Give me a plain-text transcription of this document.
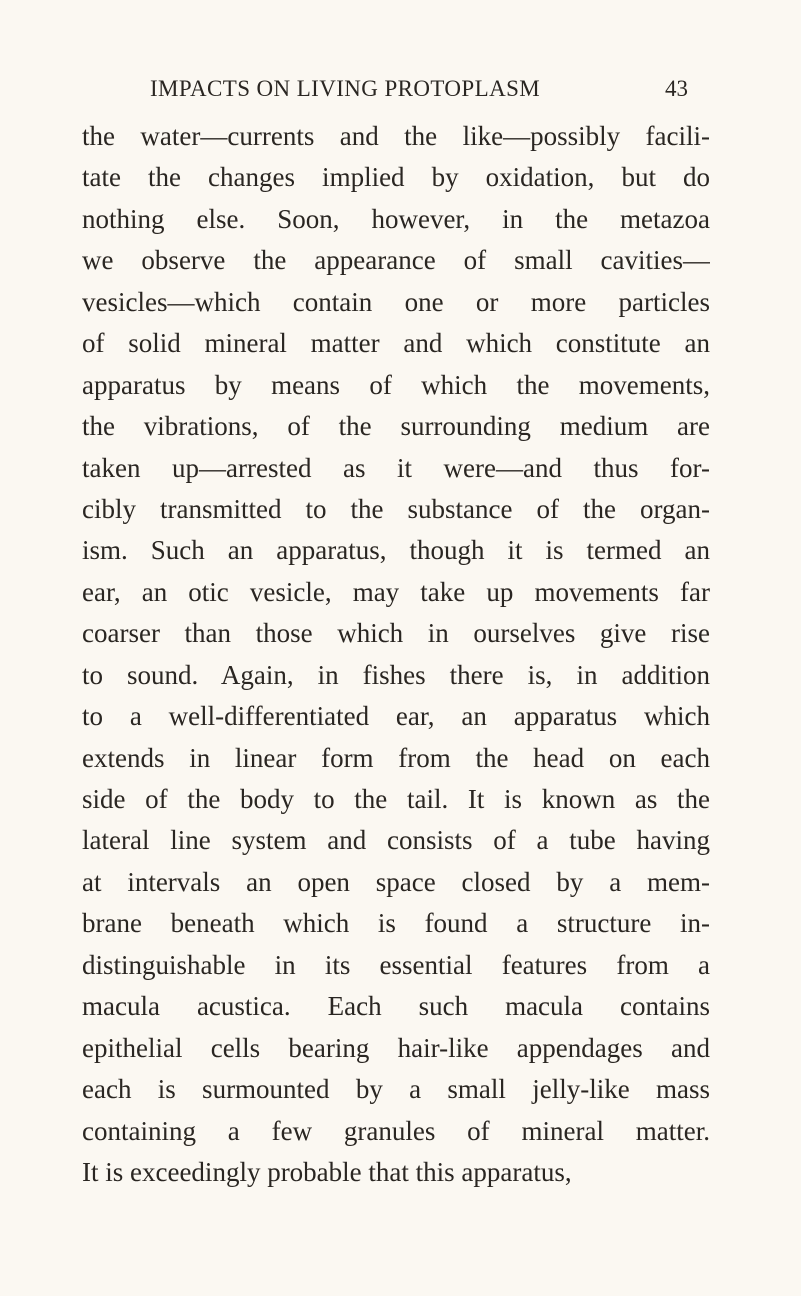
IMPACTS ON LIVING PROTOPLASM	43
the water—currents and the like—possibly facili-
tate the changes implied by oxidation, but do
nothing else. Soon, however, in the metazoa
we observe the appearance of small cavities—
vesicles—which contain one or more particles
of solid mineral matter and which constitute an
apparatus by means of which the movements,
the vibrations, of the surrounding medium are
taken up—arrested as it were—and thus for-
cibly transmitted to the substance of the organ-
ism. Such an apparatus, though it is termed an
ear, an otic vesicle, may take up movements far
coarser than those which in ourselves give rise
to sound. Again, in fishes there is, in addition
to a well-differentiated ear, an apparatus which
extends in linear form from the head on each
side of the body to the tail. It is known as the
lateral line system and consists of a tube having
at intervals an open space closed by a mem-
brane beneath which is found a structure in-
distinguishable in its essential features from a
macula acustica. Each such macula contains
epithelial cells bearing hair-like appendages and
each is surmounted by a small jelly-like mass
containing a few granules of mineral matter.
It is exceedingly probable that this apparatus,
